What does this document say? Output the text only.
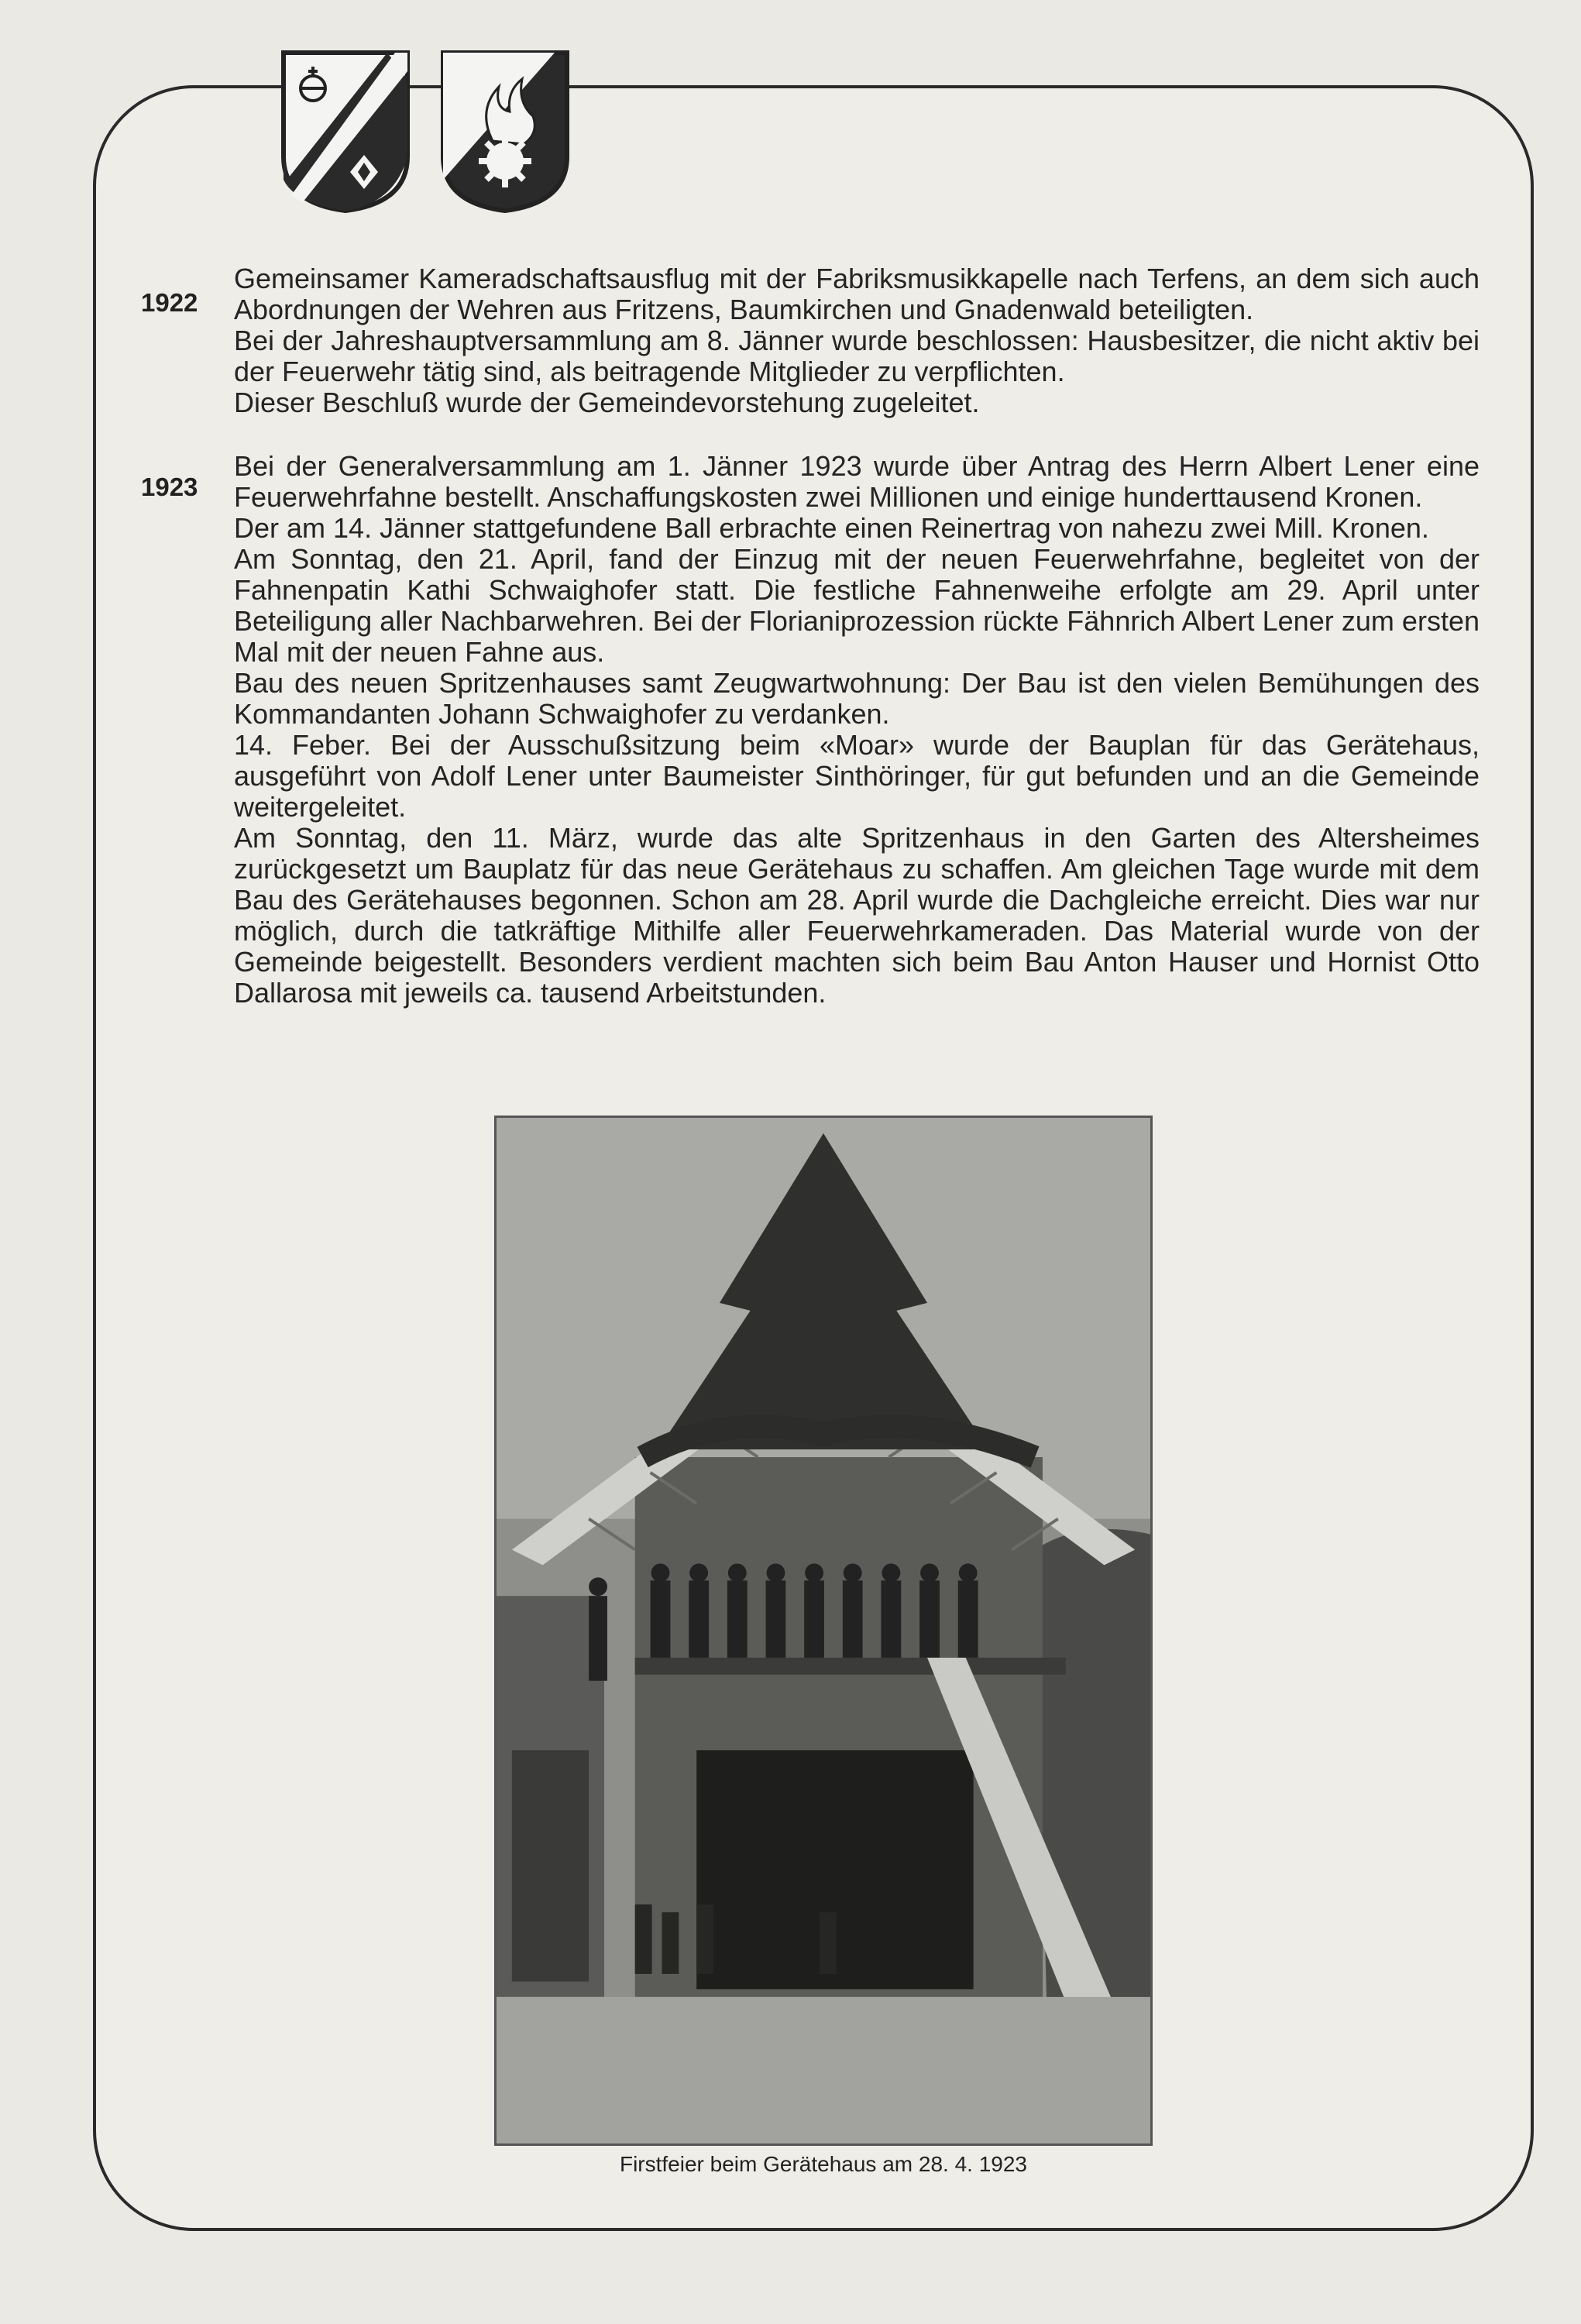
1922

Gemeinsamer Kameradschaftsausflug mit der Fabriksmusikkapelle nach Terfens, an dem sich auch Abordnungen der Wehren aus Fritzens, Baumkirchen und Gnadenwald beteiligten.

Bei der Jahreshauptversammlung am 8. Jänner wurde beschlossen: Hausbesitzer, die nicht aktiv bei der Feuerwehr tätig sind, als beitragende Mitglieder zu verpflichten.

Dieser Beschluß wurde der Gemeindevorstehung zugeleitet.

1923

Bei der Generalversammlung am 1. Jänner 1923 wurde über Antrag des Herrn Albert Lener eine Feuerwehrfahne bestellt. Anschaffungskosten zwei Millionen und einige hunderttausend Kronen.

Der am 14. Jänner stattgefundene Ball erbrachte einen Reinertrag von nahezu zwei Mill. Kronen.

Am Sonntag, den 21. April, fand der Einzug mit der neuen Feuerwehrfahne, begleitet von der Fahnenpatin Kathi Schwaighofer statt. Die festliche Fahnenweihe erfolgte am 29. April unter Beteiligung aller Nachbarwehren. Bei der Florianiprozession rückte Fähnrich Albert Lener zum ersten Mal mit der neuen Fahne aus.

Bau des neuen Spritzenhauses samt Zeugwartwohnung: Der Bau ist den vielen Bemühungen des Kommandanten Johann Schwaighofer zu verdanken.

14. Feber. Bei der Ausschußsitzung beim «Moar» wurde der Bauplan für das Gerätehaus, ausgeführt von Adolf Lener unter Baumeister Sinthöringer, für gut befunden und an die Gemeinde weitergeleitet.

Am Sonntag, den 11. März, wurde das alte Spritzenhaus in den Garten des Altersheimes zurückgesetzt um Bauplatz für das neue Gerätehaus zu schaffen. Am gleichen Tage wurde mit dem Bau des Gerätehauses begonnen. Schon am 28. April wurde die Dachgleiche erreicht. Dies war nur möglich, durch die tatkräftige Mithilfe aller Feuerwehrkameraden. Das Material wurde von der Gemeinde beigestellt. Besonders verdient machten sich beim Bau Anton Hauser und Hornist Otto Dallarosa mit jeweils ca. tausend Arbeitstunden.

Firstfeier beim Gerätehaus am 28. 4. 1923
